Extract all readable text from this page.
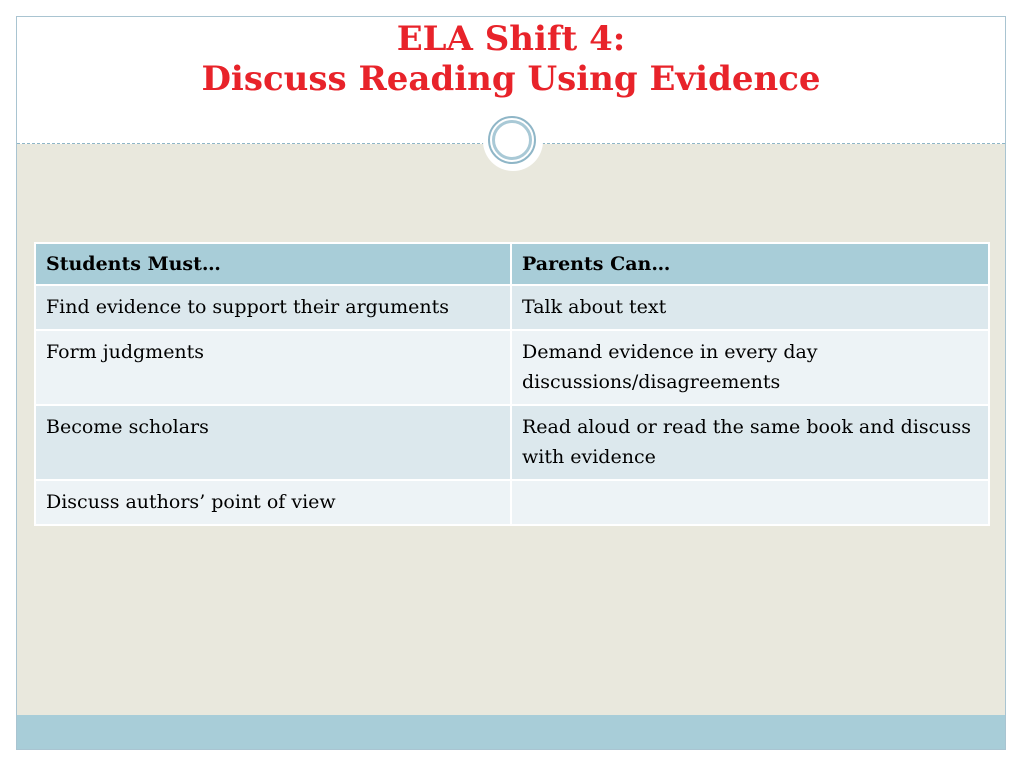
ELA Shift 4:
Discuss Reading Using Evidence
Students Must…	Parents Can…
Find evidence to support their arguments	Talk about text
Form judgments	Demand evidence in every day discussions/disagreements
Become scholars	Read aloud or read the same book and discuss with evidence
Discuss authors’ point of view	
